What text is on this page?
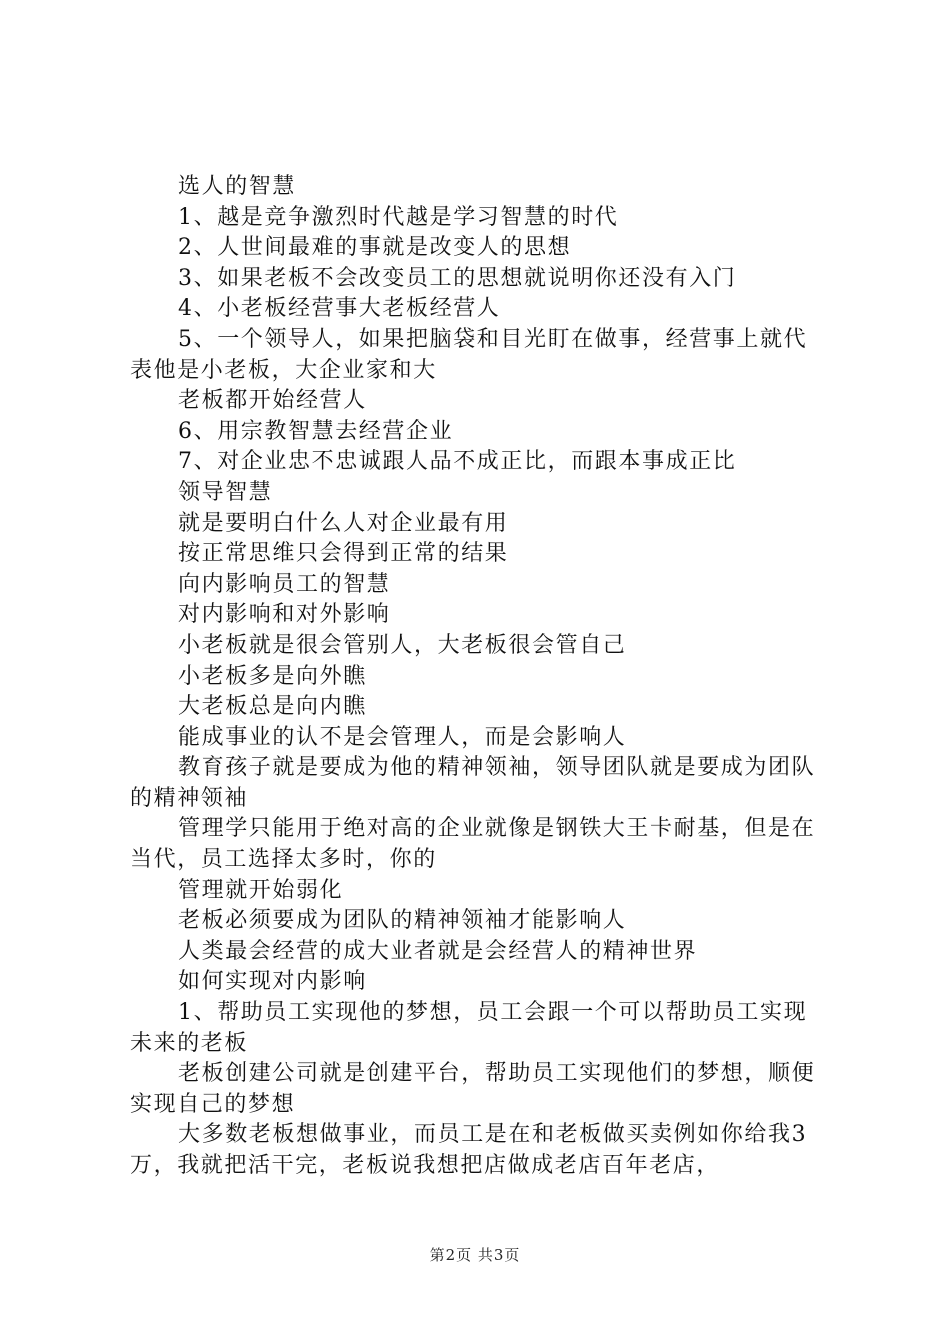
选人的智慧

1、越是竞争激烈时代越是学习智慧的时代

2、人世间最难的事就是改变人的思想

3、如果老板不会改变员工的思想就说明你还没有入门

4、小老板经营事大老板经营人

5、一个领导人，如果把脑袋和目光盯在做事，经营事上就代表他是小老板，大企业家和大

老板都开始经营人

6、用宗教智慧去经营企业

7、对企业忠不忠诚跟人品不成正比，而跟本事成正比

领导智慧

就是要明白什么人对企业最有用

按正常思维只会得到正常的结果

向内影响员工的智慧

对内影响和对外影响

小老板就是很会管别人，大老板很会管自己

小老板多是向外瞧

大老板总是向内瞧

能成事业的认不是会管理人，而是会影响人

教育孩子就是要成为他的精神领袖，领导团队就是要成为团队的精神领袖

管理学只能用于绝对高的企业就像是钢铁大王卡耐基，但是在当代，员工选择太多时，你的

管理就开始弱化

老板必须要成为团队的精神领袖才能影响人

人类最会经营的成大业者就是会经营人的精神世界

如何实现对内影响

1、帮助员工实现他的梦想，员工会跟一个可以帮助员工实现未来的老板

老板创建公司就是创建平台，帮助员工实现他们的梦想，顺便实现自己的梦想

大多数老板想做事业，而员工是在和老板做买卖例如你给我3万，我就把活干完，老板说我想把店做成老店百年老店，

第2页 共3页
